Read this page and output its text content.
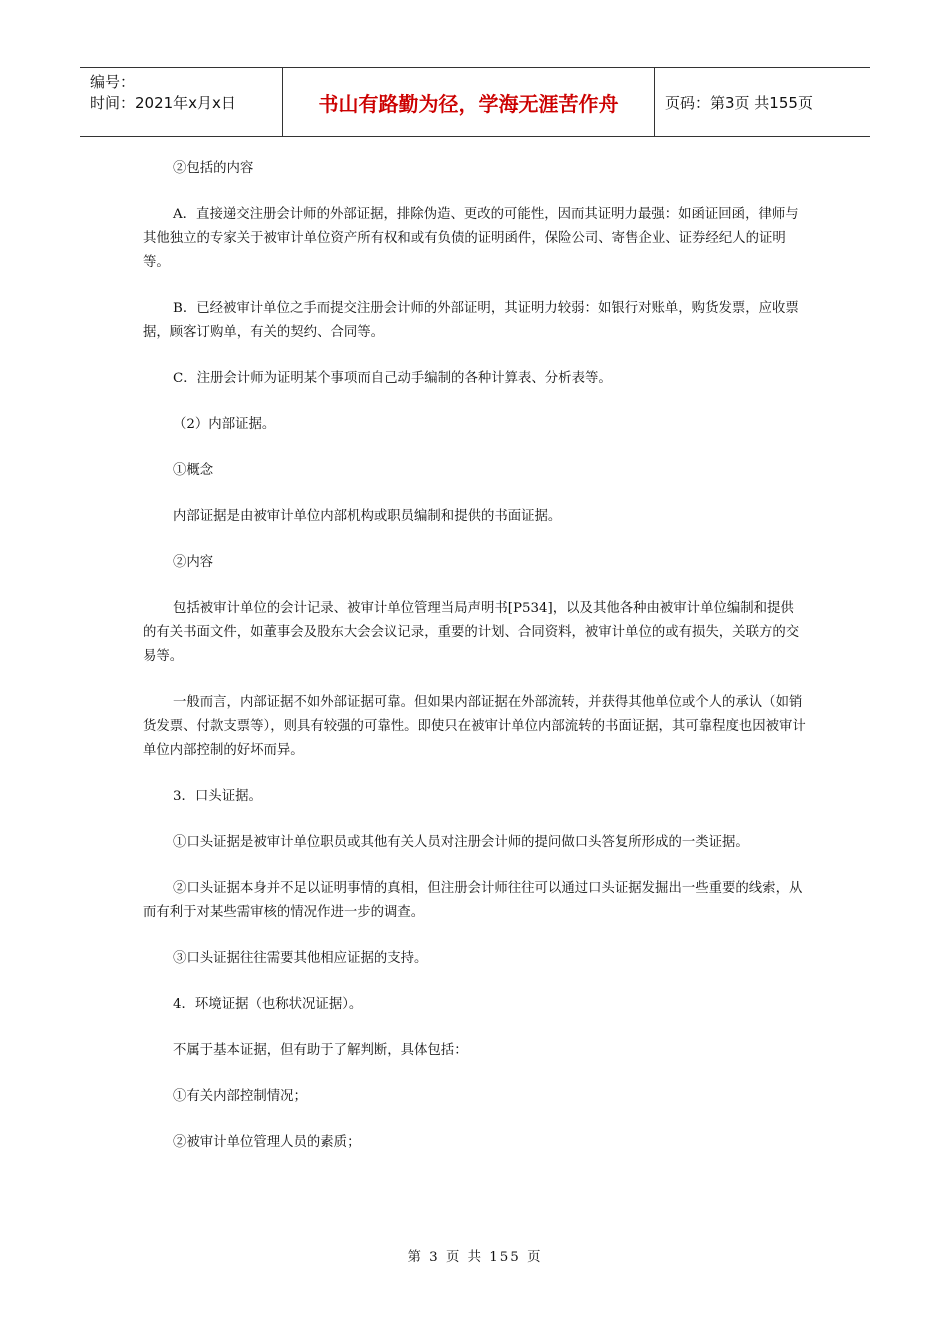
编号：
时间：2021年x月x日	书山有路勤为径，学海无涯苦作舟	页码：第3页 共155页

②包括的内容

A．直接递交注册会计师的外部证据，排除伪造、更改的可能性，因而其证明力最强：如函证回函，律师与其他独立的专家关于被审计单位资产所有权和或有负债的证明函件，保险公司、寄售企业、证券经纪人的证明等。

B．已经被审计单位之手而提交注册会计师的外部证明，其证明力较弱：如银行对账单，购货发票，应收票据，顾客订购单，有关的契约、合同等。

C．注册会计师为证明某个事项而自己动手编制的各种计算表、分析表等。

（2）内部证据。

①概念

内部证据是由被审计单位内部机构或职员编制和提供的书面证据。

②内容

包括被审计单位的会计记录、被审计单位管理当局声明书[P534]，以及其他各种由被审计单位编制和提供的有关书面文件，如董事会及股东大会会议记录，重要的计划、合同资料，被审计单位的或有损失，关联方的交易等。

一般而言，内部证据不如外部证据可靠。但如果内部证据在外部流转，并获得其他单位或个人的承认（如销货发票、付款支票等），则具有较强的可靠性。即使只在被审计单位内部流转的书面证据，其可靠程度也因被审计单位内部控制的好坏而异。

3．口头证据。

①口头证据是被审计单位职员或其他有关人员对注册会计师的提问做口头答复所形成的一类证据。

②口头证据本身并不足以证明事情的真相，但注册会计师往往可以通过口头证据发掘出一些重要的线索，从而有利于对某些需审核的情况作进一步的调查。

③口头证据往往需要其他相应证据的支持。

4．环境证据（也称状况证据）。

不属于基本证据，但有助于了解判断，具体包括：

①有关内部控制情况；

②被审计单位管理人员的素质；

第 3 页 共 155 页
